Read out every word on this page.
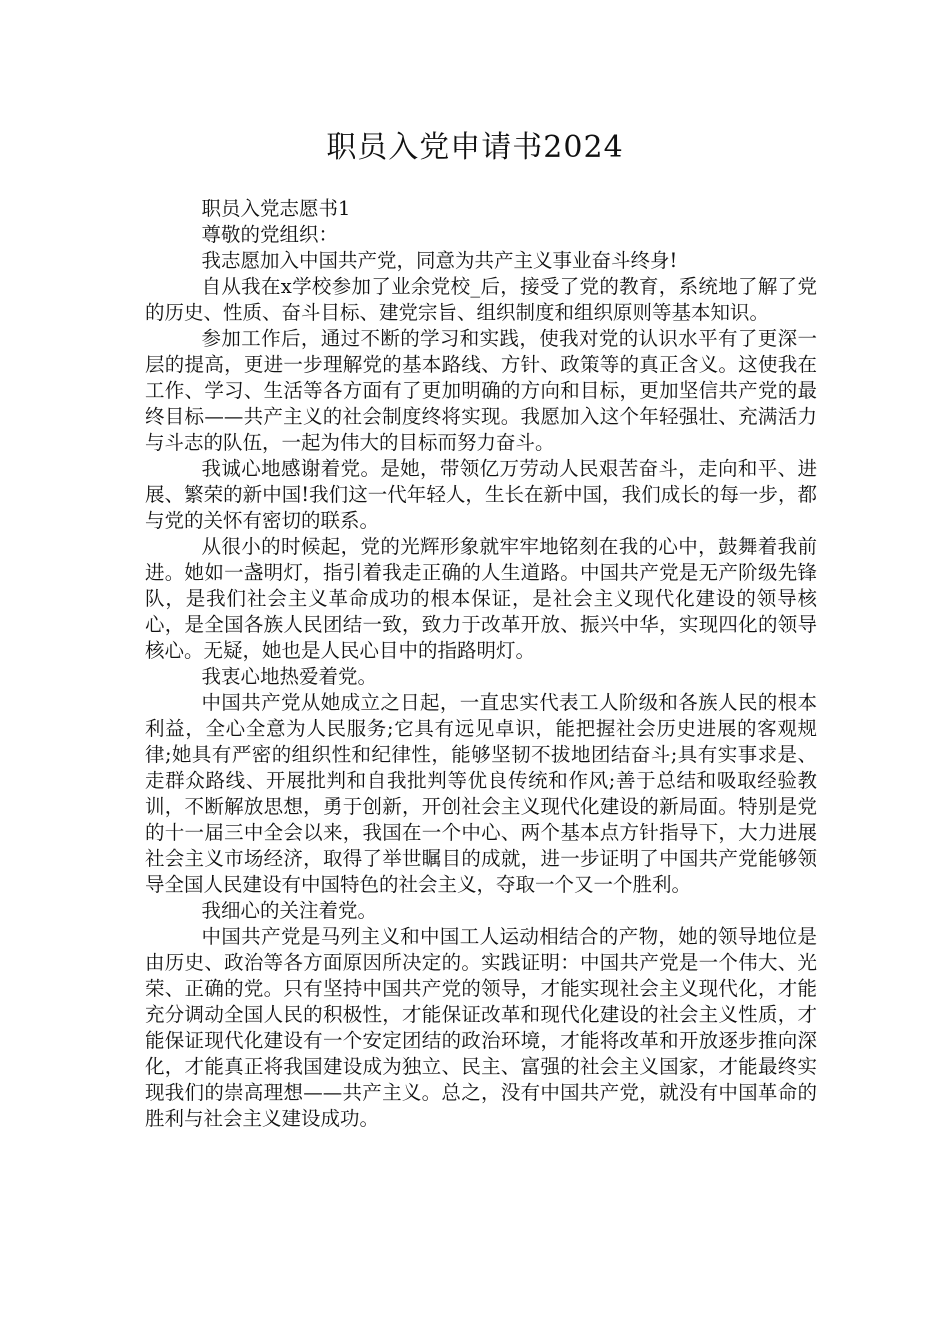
职员入党申请书2024

职员入党志愿书1

尊敬的党组织：

我志愿加入中国共产党，同意为共产主义事业奋斗终身!

自从我在x学校参加了业余党校_后，接受了党的教育，系统地了解了党的历史、性质、奋斗目标、建党宗旨、组织制度和组织原则等基本知识。

参加工作后，通过不断的学习和实践，使我对党的认识水平有了更深一层的提高，更进一步理解党的基本路线、方针、政策等的真正含义。这使我在工作、学习、生活等各方面有了更加明确的方向和目标，更加坚信共产党的最终目标——共产主义的社会制度终将实现。我愿加入这个年轻强壮、充满活力与斗志的队伍，一起为伟大的目标而努力奋斗。

我诚心地感谢着党。是她，带领亿万劳动人民艰苦奋斗，走向和平、进展、繁荣的新中国!我们这一代年轻人，生长在新中国，我们成长的每一步，都与党的关怀有密切的联系。

从很小的时候起，党的光辉形象就牢牢地铭刻在我的心中，鼓舞着我前进。她如一盏明灯，指引着我走正确的人生道路。中国共产党是无产阶级先锋队，是我们社会主义革命成功的根本保证，是社会主义现代化建设的领导核心，是全国各族人民团结一致，致力于改革开放、振兴中华，实现四化的领导核心。无疑，她也是人民心目中的指路明灯。

我衷心地热爱着党。

中国共产党从她成立之日起，一直忠实代表工人阶级和各族人民的根本利益，全心全意为人民服务;它具有远见卓识，能把握社会历史进展的客观规律;她具有严密的组织性和纪律性，能够坚韧不拔地团结奋斗;具有实事求是、走群众路线、开展批判和自我批判等优良传统和作风;善于总结和吸取经验教训，不断解放思想，勇于创新，开创社会主义现代化建设的新局面。特别是党的十一届三中全会以来，我国在一个中心、两个基本点方针指导下，大力进展社会主义市场经济，取得了举世瞩目的成就，进一步证明了中国共产党能够领导全国人民建设有中国特色的社会主义，夺取一个又一个胜利。

我细心的关注着党。

中国共产党是马列主义和中国工人运动相结合的产物，她的领导地位是由历史、政治等各方面原因所决定的。实践证明：中国共产党是一个伟大、光荣、正确的党。只有坚持中国共产党的领导，才能实现社会主义现代化，才能充分调动全国人民的积极性，才能保证改革和现代化建设的社会主义性质，才能保证现代化建设有一个安定团结的政治环境，才能将改革和开放逐步推向深化，才能真正将我国建设成为独立、民主、富强的社会主义国家，才能最终实现我们的崇高理想——共产主义。总之，没有中国共产党，就没有中国革命的胜利与社会主义建设成功。
